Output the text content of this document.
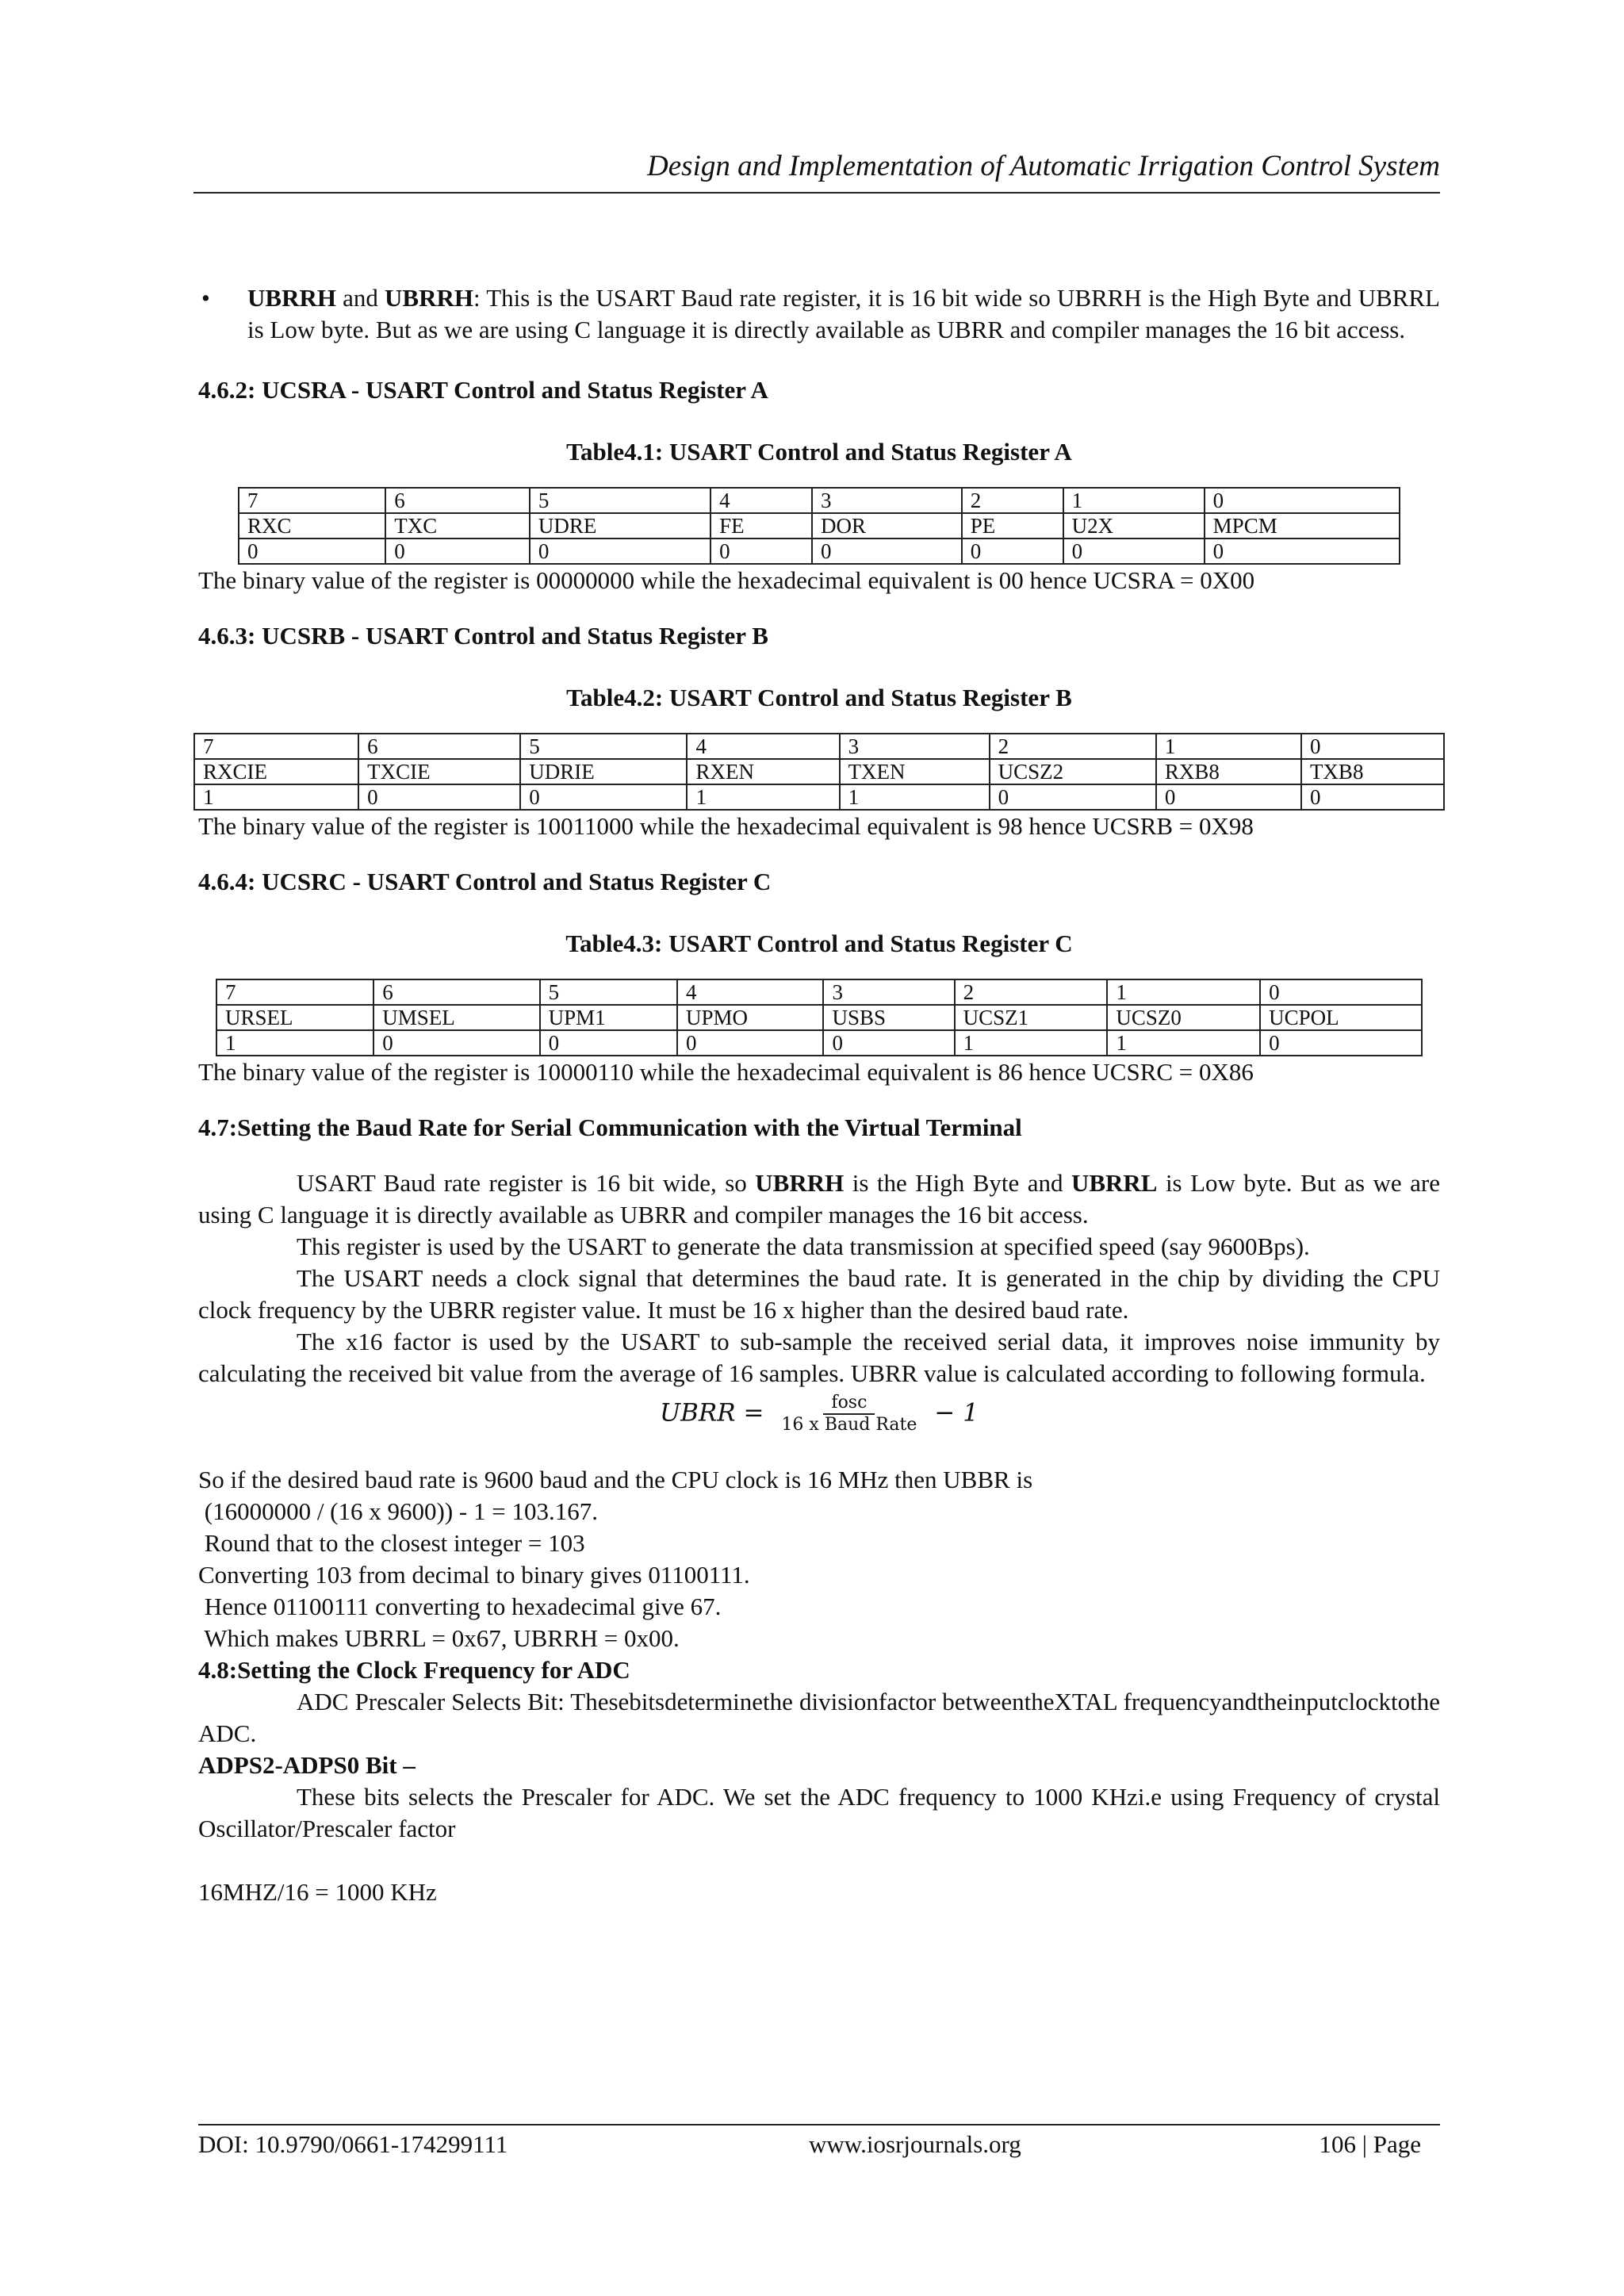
Design and Implementation of Automatic Irrigation Control System
• UBRRH and UBRRH: This is the USART Baud rate register, it is 16 bit wide so UBRRH is the High Byte and UBRRL is Low byte. But as we are using C language it is directly available as UBRR and compiler manages the 16 bit access.
4.6.2: UCSRA - USART Control and Status Register A

Table4.1: USART Control and Status Register A

7	6	5	4	3	2	1	0
RXC	TXC	UDRE	FE	DOR	PE	U2X	MPCM
0	0	0	0	0	0	0	0

The binary value of the register is 00000000 while the hexadecimal equivalent is 00 hence UCSRA = 0X00

4.6.3: UCSRB - USART Control and Status Register B

Table4.2: USART Control and Status Register B

7	6	5	4	3	2	1	0
RXCIE	TXCIE	UDRIE	RXEN	TXEN	UCSZ2	RXB8	TXB8
1	0	0	1	1	0	0	0

The binary value of the register is 10011000 while the hexadecimal equivalent is 98 hence UCSRB = 0X98

4.6.4: UCSRC - USART Control and Status Register C

Table4.3: USART Control and Status Register C

7	6	5	4	3	2	1	0
URSEL	UMSEL	UPM1	UPMO	USBS	UCSZ1	UCSZ0	UCPOL
1	0	0	0	0	1	1	0

The binary value of the register is 10000110 while the hexadecimal equivalent is 86 hence UCSRC = 0X86

4.7:Setting the Baud Rate for Serial Communication with the Virtual Terminal

USART Baud rate register is 16 bit wide, so UBRRH is the High Byte and UBRRL is Low byte. But as we are using C language it is directly available as UBRR and compiler manages the 16 bit access.

This register is used by the USART to generate the data transmission at specified speed (say 9600Bps).

The USART needs a clock signal that determines the baud rate. It is generated in the chip by dividing the CPU clock frequency by the UBRR register value. It must be 16 x higher than the desired baud rate.

The x16 factor is used by the USART to sub-sample the received serial data, it improves noise immunity by calculating the received bit value from the average of 16 samples. UBRR value is calculated according to following formula.

UBRR = $\frac{\text{fosc}}{\text{16 x Baud Rate}} - 1$

So if the desired baud rate is 9600 baud and the CPU clock is 16 MHz then UBBR is

(16000000 / (16 x 9600)) - 1 = 103.167.

Round that to the closest integer = 103

Converting 103 from decimal to binary gives 01100111.

Hence 01100111 converting to hexadecimal give 67.

Which makes UBRRL = 0x67, UBRRH = 0x00.

4.8:Setting the Clock Frequency for ADC

ADC Prescaler Selects Bit: Thesebitsdeterminethe divisionfactor betweentheXTAL frequencyandtheinputclocktothe ADC.

ADPS2-ADPS0 Bit –

These bits selects the Prescaler for ADC. We set the ADC frequency to 1000 KHzi.e using Frequency of crystal Oscillator/Prescaler factor

16MHZ/16 = 1000 KHz

DOI: 10.9790/0661-174299111	www.iosrjournals.org	106 | Page
